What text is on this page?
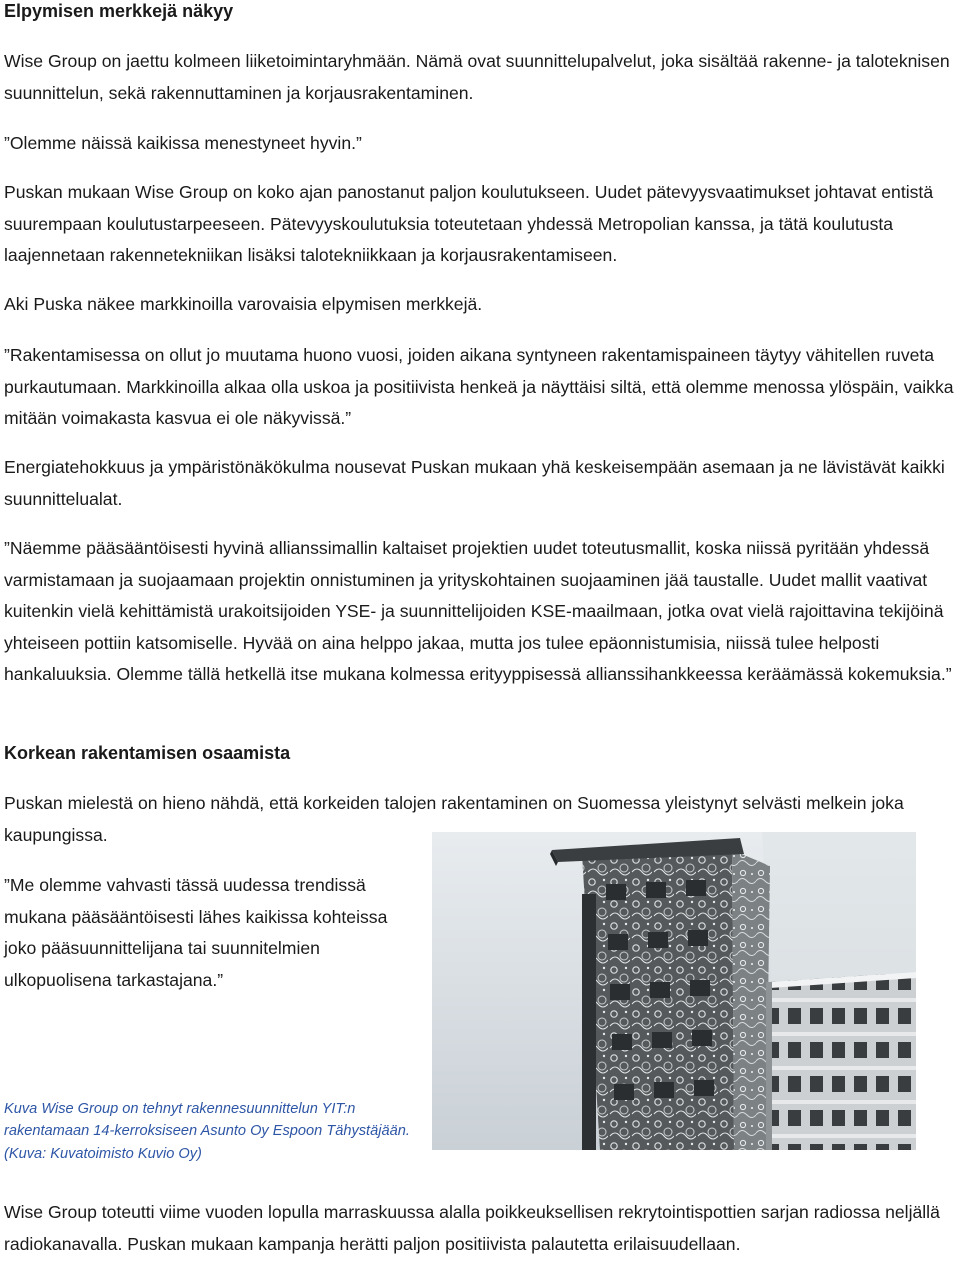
Elpymisen merkkejä näkyy

Wise Group on jaettu kolmeen liiketoimintaryhmään. Nämä ovat suunnittelupalvelut, joka sisältää rakenne- ja taloteknisen suunnittelun, sekä rakennuttaminen ja korjausrakentaminen.

”Olemme näissä kaikissa menestyneet hyvin.”

Puskan mukaan Wise Group on koko ajan panostanut paljon koulutukseen. Uudet pätevyysvaatimukset johtavat entistä suurempaan koulutustarpeeseen. Pätevyyskoulutuksia toteutetaan yhdessä Metropolian kanssa, ja tätä koulutusta laajennetaan rakennetekniikan lisäksi talotekniikkaan ja korjausrakentamiseen.

Aki Puska näkee markkinoilla varovaisia elpymisen merkkejä.

”Rakentamisessa on ollut jo muutama huono vuosi, joiden aikana syntyneen rakentamispaineen täytyy vähitellen ruveta purkautumaan. Markkinoilla alkaa olla uskoa ja positiivista henkeä ja näyttäisi siltä, että olemme menossa ylöspäin, vaikka mitään voimakasta kasvua ei ole näkyvissä.”

Energiatehokkuus ja ympäristönäkökulma nousevat Puskan mukaan yhä keskeisempään asemaan ja ne lävistävät kaikki suunnittelualat.

”Näemme pääsääntöisesti hyvinä allianssimallin kaltaiset projektien uudet toteutusmallit, koska niissä pyritään yhdessä varmistamaan ja suojaamaan projektin onnistuminen ja yrityskohtainen suojaaminen jää taustalle. Uudet mallit vaativat kuitenkin vielä kehittämistä urakoitsijoiden YSE- ja suunnittelijoiden KSE-maailmaan, jotka ovat vielä rajoittavina tekijöinä yhteiseen pottiin katsomiselle. Hyvää on aina helppo jakaa, mutta jos tulee epäonnistumisia, niissä tulee helposti hankaluuksia. Olemme tällä hetkellä itse mukana kolmessa erityyppisessä allianssihankkeessa keräämässä kokemuksia.”

Korkean rakentamisen osaamista

Puskan mielestä on hieno nähdä, että korkeiden talojen rakentaminen on Suomessa yleistynyt selvästi melkein joka kaupungissa.

”Me olemme vahvasti tässä uudessa trendissä mukana pääsääntöisesti lähes kaikissa kohteissa joko pääsuunnittelijana tai suunnitelmien ulkopuolisena tarkastajana.”

Kuva Wise Group on tehnyt rakennesuunnittelun YIT:n rakentamaan 14-kerroksiseen Asunto Oy Espoon Tähystäjään. (Kuva: Kuvatoimisto Kuvio Oy)

Wise Group toteutti viime vuoden lopulla marraskuussa alalla poikkeuksellisen rekrytointispottien sarjan radiossa neljällä radiokanavalla. Puskan mukaan kampanja herätti paljon positiivista palautetta erilaisuudellaan.
